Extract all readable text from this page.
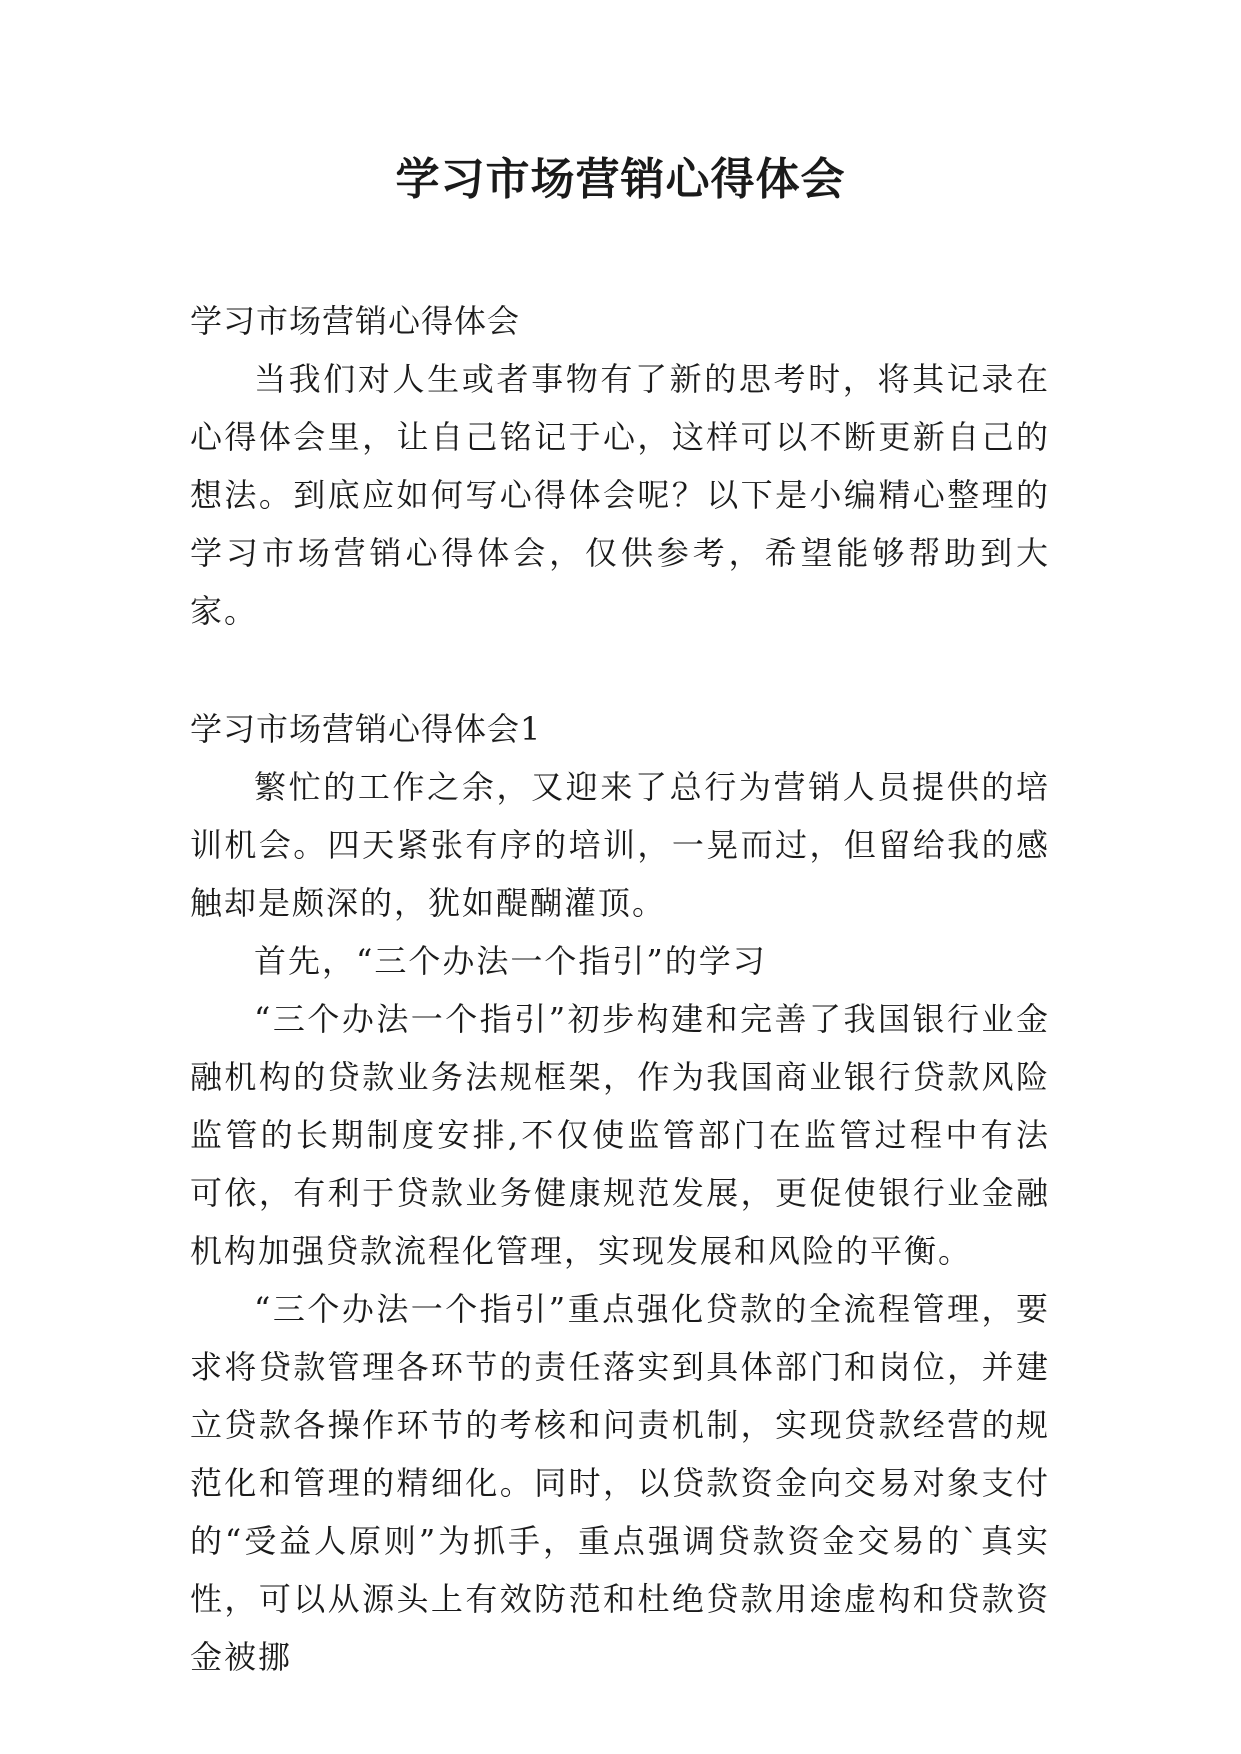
学习市场营销心得体会

学习市场营销心得体会

当我们对人生或者事物有了新的思考时，将其记录在心得体会里，让自己铭记于心，这样可以不断更新自己的想法。到底应如何写心得体会呢？以下是小编精心整理的学习市场营销心得体会，仅供参考，希望能够帮助到大家。

学习市场营销心得体会1

繁忙的工作之余，又迎来了总行为营销人员提供的培训机会。四天紧张有序的培训，一晃而过，但留给我的感触却是颇深的，犹如醍醐灌顶。

首先，“三个办法一个指引”的学习

“三个办法一个指引”初步构建和完善了我国银行业金融机构的贷款业务法规框架，作为我国商业银行贷款风险监管的长期制度安排,不仅使监管部门在监管过程中有法可依，有利于贷款业务健康规范发展，更促使银行业金融机构加强贷款流程化管理，实现发展和风险的平衡。

“三个办法一个指引”重点强化贷款的全流程管理，要求将贷款管理各环节的责任落实到具体部门和岗位，并建立贷款各操作环节的考核和问责机制，实现贷款经营的规范化和管理的精细化。同时，以贷款资金向交易对象支付的“受益人原则”为抓手，重点强调贷款资金交易的`真实性，可以从源头上有效防范和杜绝贷款用途虚构和贷款资金被挪
